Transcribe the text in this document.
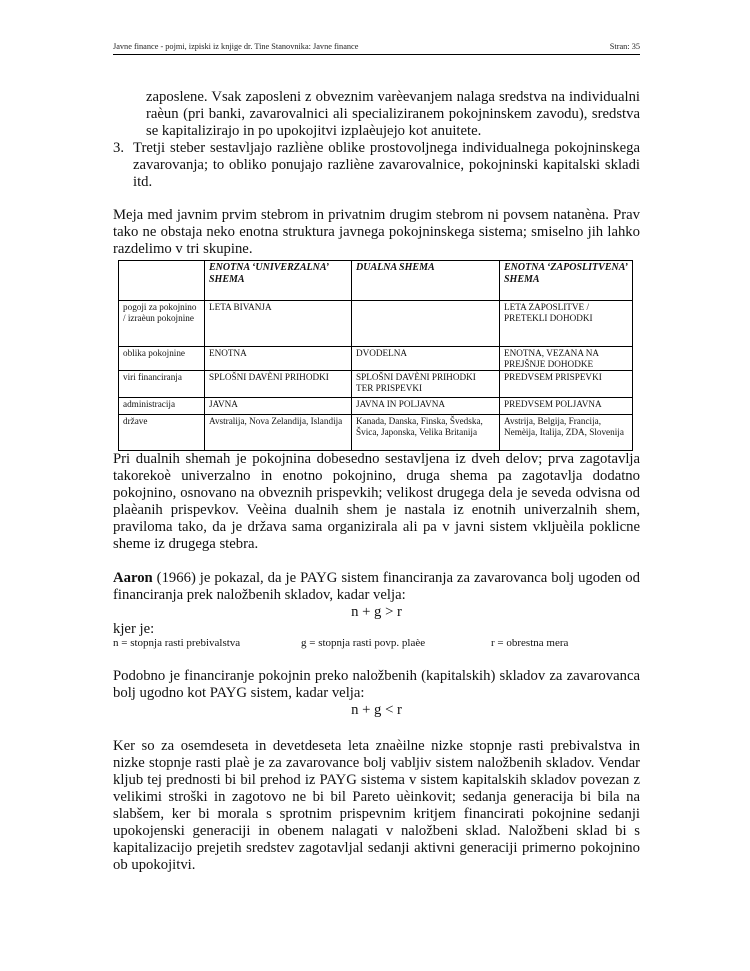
Javne finance - pojmi, izpiski iz knjige dr. Tine Stanovnika: Javne finance	Stran: 35
zaposlene. Vsak zaposleni z obveznim varèevanjem nalaga sredstva na individualni
raèun (pri banki, zavarovalnici ali specializiranem pokojninskem zavodu), sredstva
se kapitalizirajo in po upokojitvi izplaèujejo kot anuitete.
3. Tretji steber sestavljajo razliène oblike prostovoljnega individualnega pokojninskega zavarovanja; to obliko ponujajo razliène zavarovalnice, pokojninski kapitalski skladi itd.
Meja med javnim prvim stebrom in privatnim drugim stebrom ni povsem natanèna. Prav tako ne obstaja neko enotna struktura javnega pokojninskega sistema; smiselno jih lahko razdelimo v tri skupine.
	ENOTNA ‘UNIVERZALNA’ SHEMA	DUALNA SHEMA	ENOTNA ‘ZAPOSLITVENA’ SHEMA
pogoji za pokojnino / izraèun pokojnine	LETA BIVANJA		LETA ZAPOSLITVE / PRETEKLI DOHODKI
oblika pokojnine	ENOTNA	DVODELNA	ENOTNA, VEZANA NA PREJŠNJE DOHODKE
viri financiranja	SPLOŠNI DAVÈNI PRIHODKI	SPLOŠNI DAVÈNI PRIHODKI TER PRISPEVKI	PREDVSEM PRISPEVKI
administracija	JAVNA	JAVNA IN POLJAVNA	PREDVSEM POLJAVNA
države	Avstralija, Nova Zelandija, Islandija	Kanada, Danska, Finska, Švedska, Švica, Japonska, Velika Britanija	Avstrija, Belgija, Francija, Nemèija, Italija, ZDA, Slovenija
Pri dualnih shemah je pokojnina dobesedno sestavljena iz dveh delov; prva zagotavlja takorekoè univerzalno in enotno pokojnino, druga shema pa zagotavlja dodatno pokojnino, osnovano na obveznih prispevkih; velikost drugega dela je seveda odvisna od plaèanih prispevkov. Veèina dualnih shem je nastala iz enotnih univerzalnih shem, praviloma tako, da je država sama organizirala ali pa v javni sistem vkljuèila poklicne sheme iz drugega stebra.
Aaron (1966) je pokazal, da je PAYG sistem financiranja za zavarovanca bolj ugoden od financiranja prek naložbenih skladov, kadar velja:
n + g > r
kjer je:
n = stopnja rasti prebivalstva	g = stopnja rasti povp. plaèe	r = obrestna mera
Podobno je financiranje pokojnin preko naložbenih (kapitalskih) skladov za zavarovanca bolj ugodno kot PAYG sistem, kadar velja:
n + g < r
Ker so za osemdeseta in devetdeseta leta znaèilne nizke stopnje rasti prebivalstva in nizke stopnje rasti plaè je za zavarovance bolj vabljiv sistem naložbenih skladov. Vendar kljub tej prednosti bi bil prehod iz PAYG sistema v sistem kapitalskih skladov povezan z velikimi stroški in zagotovo ne bi bil Pareto uèinkovit; sedanja generacija bi bila na slabšem, ker bi morala s sprotnim prispevnim kritjem financirati pokojnine sedanji upokojenski generaciji in obenem nalagati v naložbeni sklad. Naložbeni sklad bi s kapitalizacijo prejetih sredstev zagotavljal sedanji aktivni generaciji primerno pokojnino ob upokojitvi.
